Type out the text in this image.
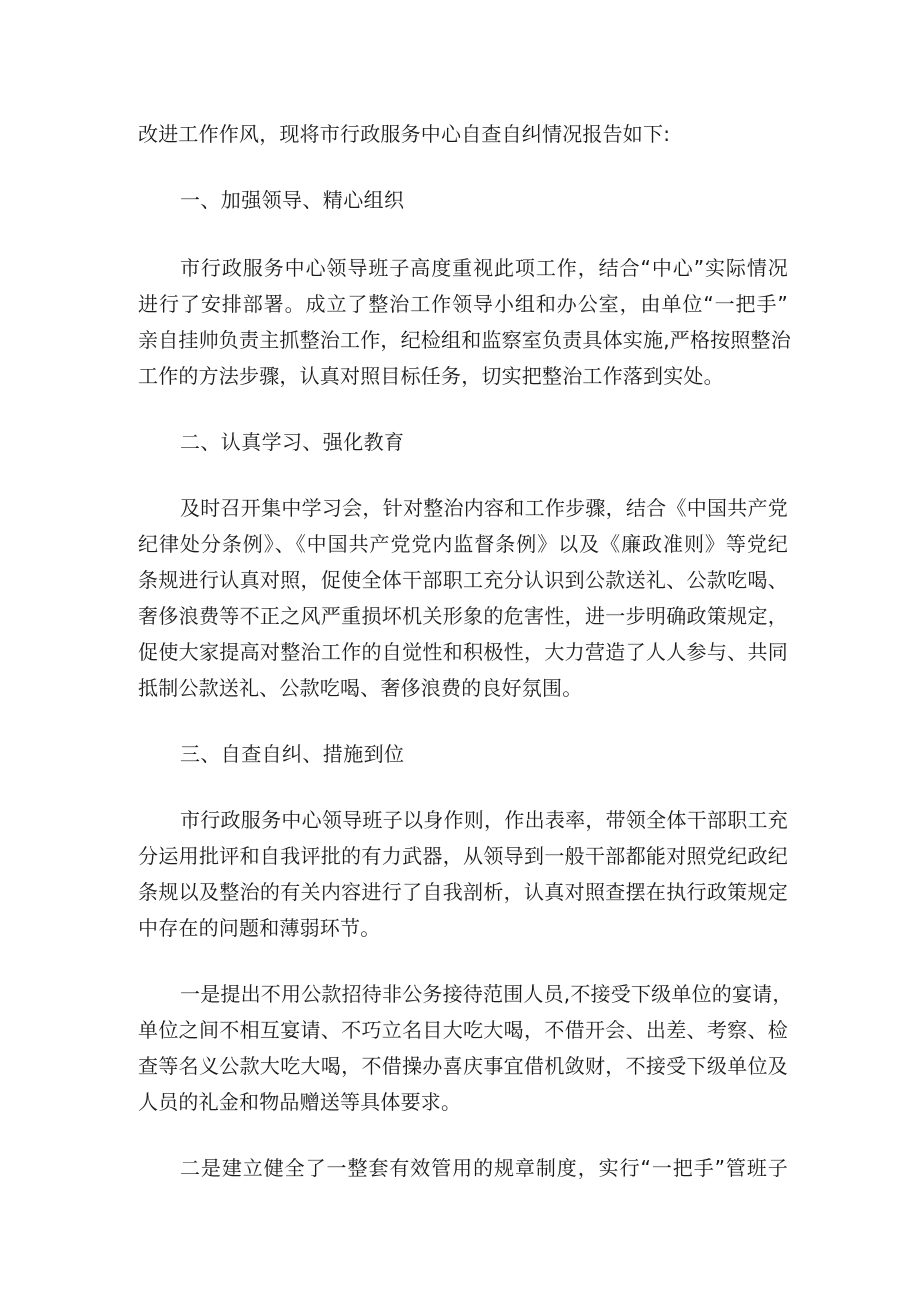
改进工作作风，现将市行政服务中心自查自纠情况报告如下:
一、加强领导、精心组织
市行政服务中心领导班子高度重视此项工作，结合“中心”实际情况
进行了安排部署。成立了整治工作领导小组和办公室，由单位“一把手”
亲自挂帅负责主抓整治工作，纪检组和监察室负责具体实施,严格按照整治
工作的方法步骤，认真对照目标任务，切实把整治工作落到实处。
二、认真学习、强化教育
及时召开集中学习会，针对整治内容和工作步骤，结合《中国共产党
纪律处分条例》、《中国共产党党内监督条例》以及《廉政准则》等党纪
条规进行认真对照，促使全体干部职工充分认识到公款送礼、公款吃喝、
奢侈浪费等不正之风严重损坏机关形象的危害性，进一步明确政策规定，
促使大家提高对整治工作的自觉性和积极性，大力营造了人人参与、共同
抵制公款送礼、公款吃喝、奢侈浪费的良好氛围。
三、自查自纠、措施到位
市行政服务中心领导班子以身作则，作出表率，带领全体干部职工充
分运用批评和自我评批的有力武器，从领导到一般干部都能对照党纪政纪
条规以及整治的有关内容进行了自我剖析，认真对照查摆在执行政策规定
中存在的问题和薄弱环节。
一是提出不用公款招待非公务接待范围人员,不接受下级单位的宴请，
单位之间不相互宴请、不巧立名目大吃大喝，不借开会、出差、考察、检
查等名义公款大吃大喝，不借操办喜庆事宜借机敛财，不接受下级单位及
人员的礼金和物品赠送等具体要求。
二是建立健全了一整套有效管用的规章制度，实行“一把手”管班子
